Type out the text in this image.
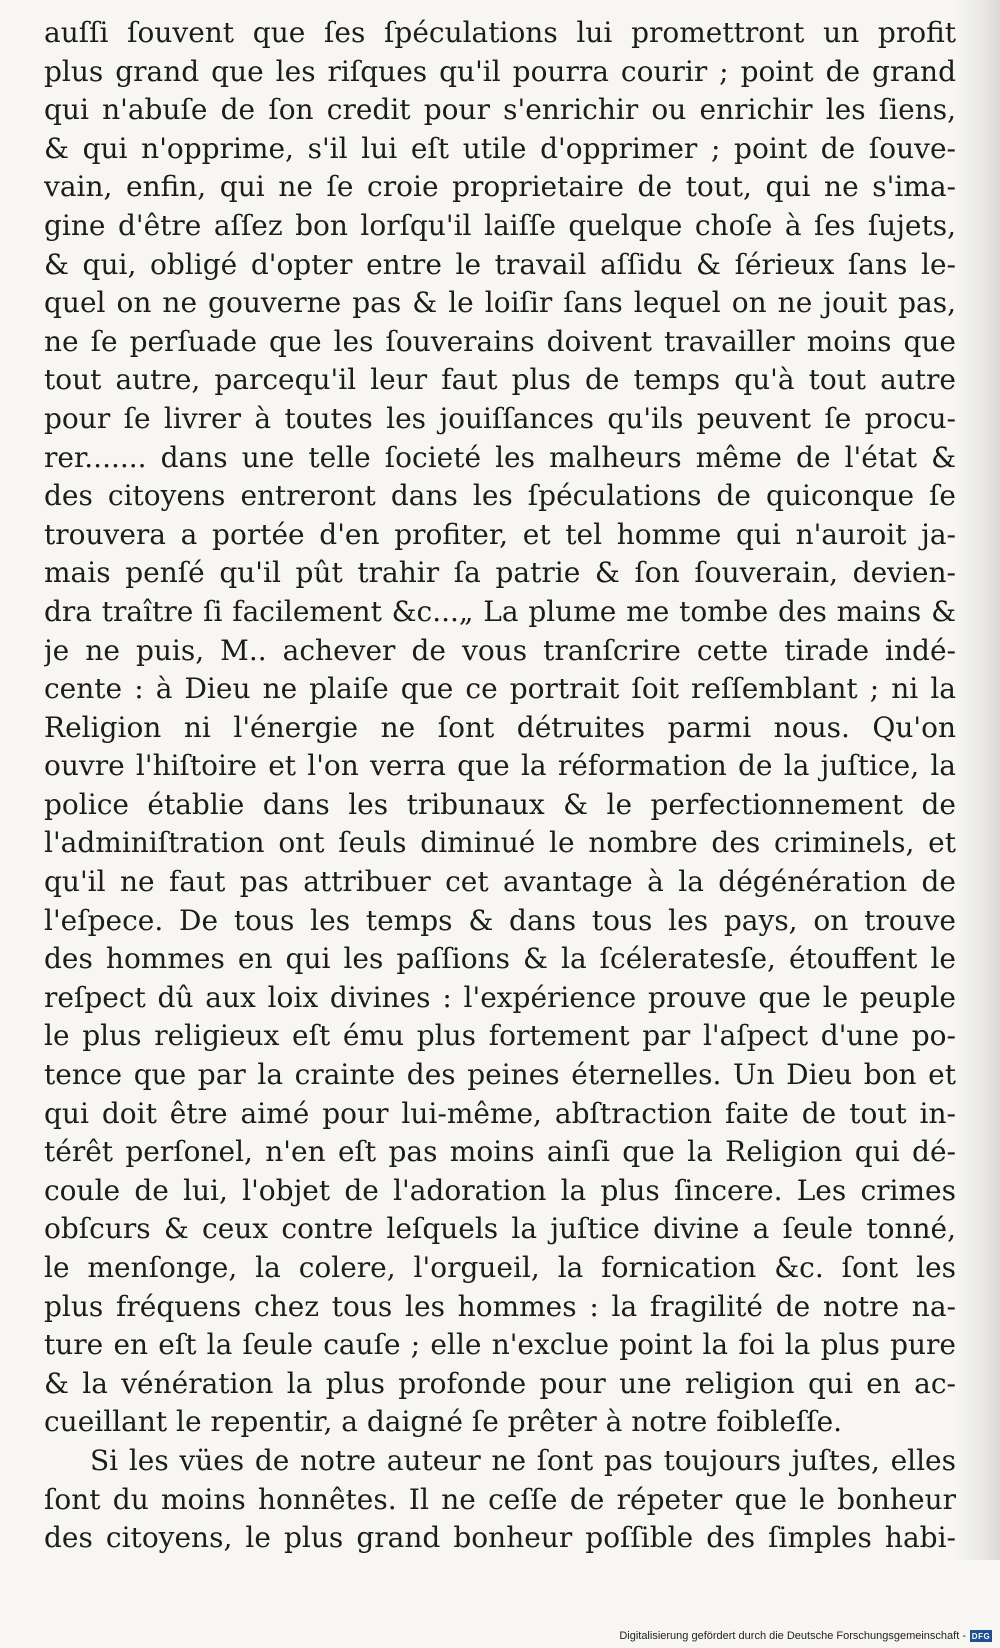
auſſi ſouvent que ſes ſpéculations lui promettront un profit
plus grand que les riſques qu'il pourra courir ; point de grand
qui n'abuſe de ſon credit pour s'enrichir ou enrichir les ſiens,
& qui n'opprime, s'il lui eſt utile d'opprimer ; point de ſouve-
vain, enfin, qui ne ſe croie proprietaire de tout, qui ne s'ima-
gine d'être aſſez bon lorſqu'il laiſſe quelque choſe à ſes ſujets,
& qui, obligé d'opter entre le travail aſſidu & ſérieux ſans le-
quel on ne gouverne pas & le loiſir ſans lequel on ne jouit pas,
ne ſe perſuade que les ſouverains doivent travailler moins que
tout autre, parcequ'il leur faut plus de temps qu'à tout autre
pour ſe livrer à toutes les jouiſſances qu'ils peuvent ſe procu-
rer....... dans une telle ſocieté les malheurs même de l'état &
des citoyens entreront dans les ſpéculations de quiconque ſe
trouvera a portée d'en profiter, et tel homme qui n'auroit ja-
mais penſé qu'il pût trahir ſa patrie & ſon ſouverain, devien-
dra traître ſi facilement &c...„ La plume me tombe des mains &
je ne puis, M.. achever de vous tranſcrire cette tirade indé-
cente : à Dieu ne plaiſe que ce portrait ſoit reſſemblant ; ni la
Religion ni l'énergie ne ſont détruites parmi nous. Qu'on
ouvre l'hiſtoire et l'on verra que la réformation de la juſtice, la
police établie dans les tribunaux & le perfectionnement de
l'adminiſtration ont ſeuls diminué le nombre des criminels, et
qu'il ne faut pas attribuer cet avantage à la dégénération de
l'eſpece. De tous les temps & dans tous les pays, on trouve
des hommes en qui les paſſions & la ſcéleratesſe, étouffent le
reſpect dû aux loix divines : l'expérience prouve que le peuple
le plus religieux eſt ému plus fortement par l'aſpect d'une po-
tence que par la crainte des peines éternelles. Un Dieu bon et
qui doit être aimé pour lui-même, abſtraction faite de tout in-
térêt perſonel, n'en eſt pas moins ainſi que la Religion qui dé-
coule de lui, l'objet de l'adoration la plus ſincere. Les crimes
obſcurs & ceux contre leſquels la juſtice divine a ſeule tonné,
le menſonge, la colere, l'orgueil, la fornication &c. ſont les
plus fréquens chez tous les hommes : la fragilité de notre na-
ture en eſt la ſeule cauſe ; elle n'exclue point la foi la plus pure
& la vénération la plus profonde pour une religion qui en ac-
cueillant le repentir, a daigné ſe prêter à notre foibleſſe.
Si les vües de notre auteur ne ſont pas toujours juſtes, elles
ſont du moins honnêtes. Il ne ceſſe de répeter que le bonheur
des citoyens, le plus grand bonheur poſſible des ſimples habi-
Digitalisierung gefördert durch die Deutsche Forschungsgemeinschaft - DFG
